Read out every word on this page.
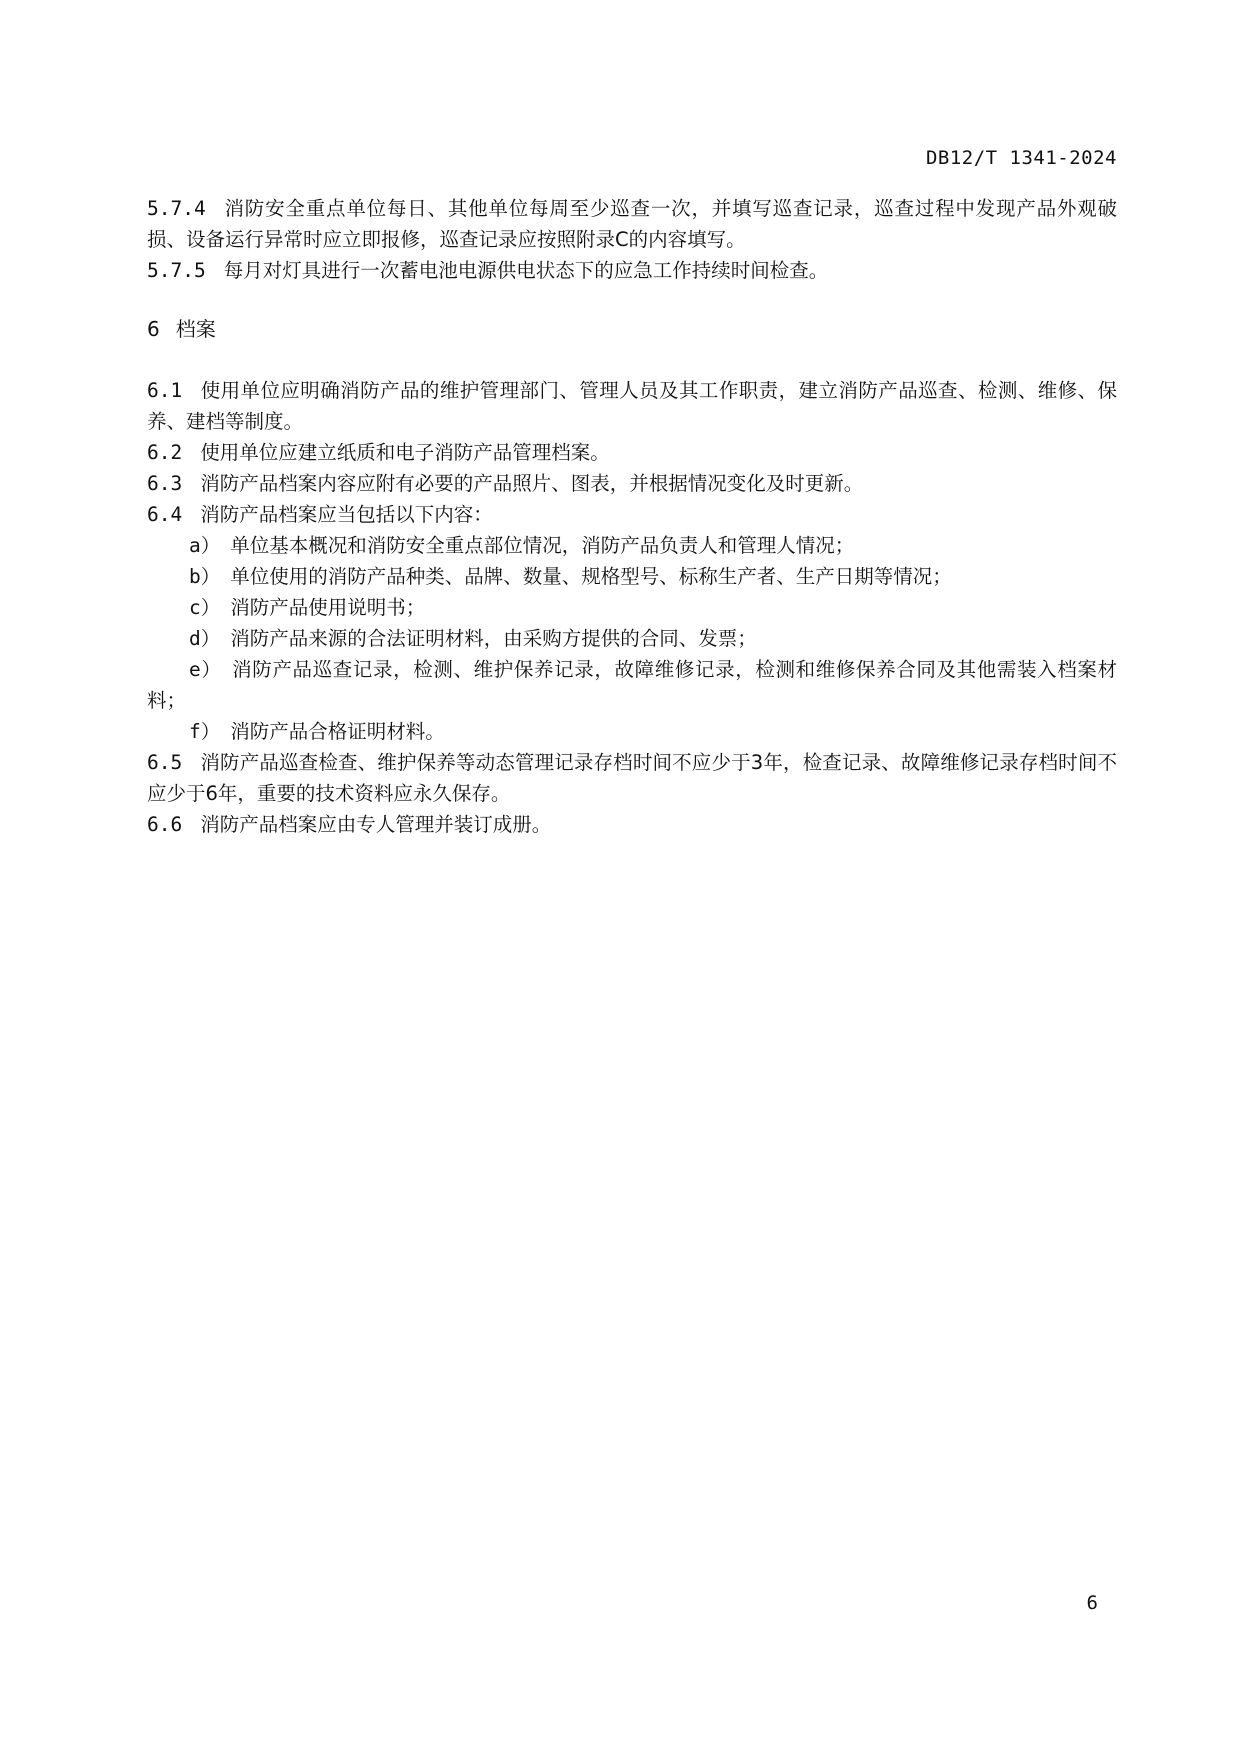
DB12/T 1341-2024

5.7.4 消防安全重点单位每日、其他单位每周至少巡查一次，并填写巡查记录，巡查过程中发现产品外观破损、设备运行异常时应立即报修，巡查记录应按照附录C的内容填写。

5.7.5 每月对灯具进行一次蓄电池电源供电状态下的应急工作持续时间检查。

6 档案

6.1 使用单位应明确消防产品的维护管理部门、管理人员及其工作职责，建立消防产品巡查、检测、维修、保养、建档等制度。

6.2 使用单位应建立纸质和电子消防产品管理档案。

6.3 消防产品档案内容应附有必要的产品照片、图表，并根据情况变化及时更新。

6.4 消防产品档案应当包括以下内容：

a） 单位基本概况和消防安全重点部位情况，消防产品负责人和管理人情况；

b） 单位使用的消防产品种类、品牌、数量、规格型号、标称生产者、生产日期等情况；

c） 消防产品使用说明书；

d） 消防产品来源的合法证明材料，由采购方提供的合同、发票；

e） 消防产品巡查记录，检测、维护保养记录，故障维修记录，检测和维修保养合同及其他需装入档案材料；

f） 消防产品合格证明材料。

6.5 消防产品巡查检查、维护保养等动态管理记录存档时间不应少于3年，检查记录、故障维修记录存档时间不应少于6年，重要的技术资料应永久保存。

6.6 消防产品档案应由专人管理并装订成册。

6
